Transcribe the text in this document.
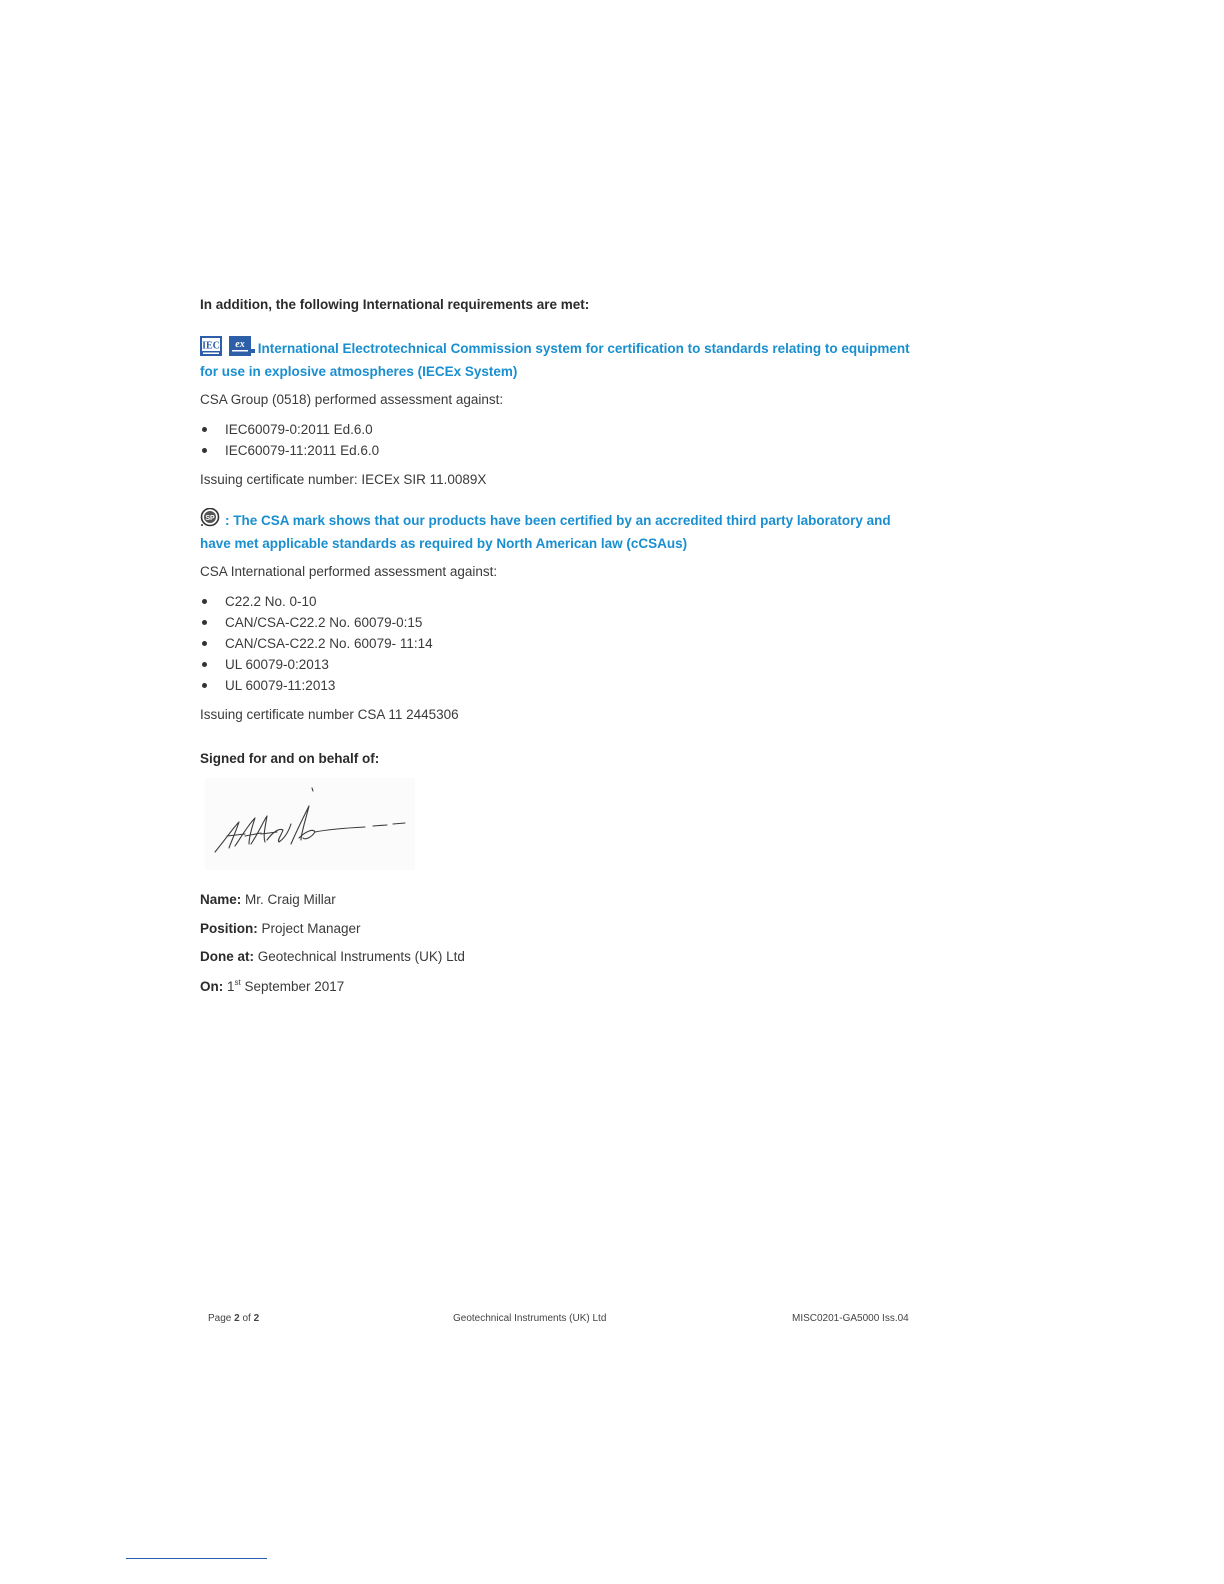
In addition, the following International requirements are met:
IEC
ex International Electrotechnical Commission system for certification to standards relating to equipment for use in explosive atmospheres (IECEx System)
CSA Group (0518) performed assessment against:
IEC60079-0:2011 Ed.6.0
IEC60079-11:2011 Ed.6.0
Issuing certificate number: IECEx SIR 11.0089X
SP : The CSA mark shows that our products have been certified by an accredited third party laboratory and have met applicable standards as required by North American law (cCSAus)
CSA International performed assessment against:
C22.2 No. 0-10
CAN/CSA-C22.2 No. 60079-0:15
CAN/CSA-C22.2 No. 60079- 11:14
UL 60079-0:2013
UL 60079-11:2013
Issuing certificate number CSA 11 2445306
Signed for and on behalf of:
Name: Mr. Craig Millar
Position: Project Manager
Done at: Geotechnical Instruments (UK) Ltd
On: 1st September 2017
Page 2 of 2	Geotechnical Instruments (UK) Ltd	MISC0201-GA5000 Iss.04
